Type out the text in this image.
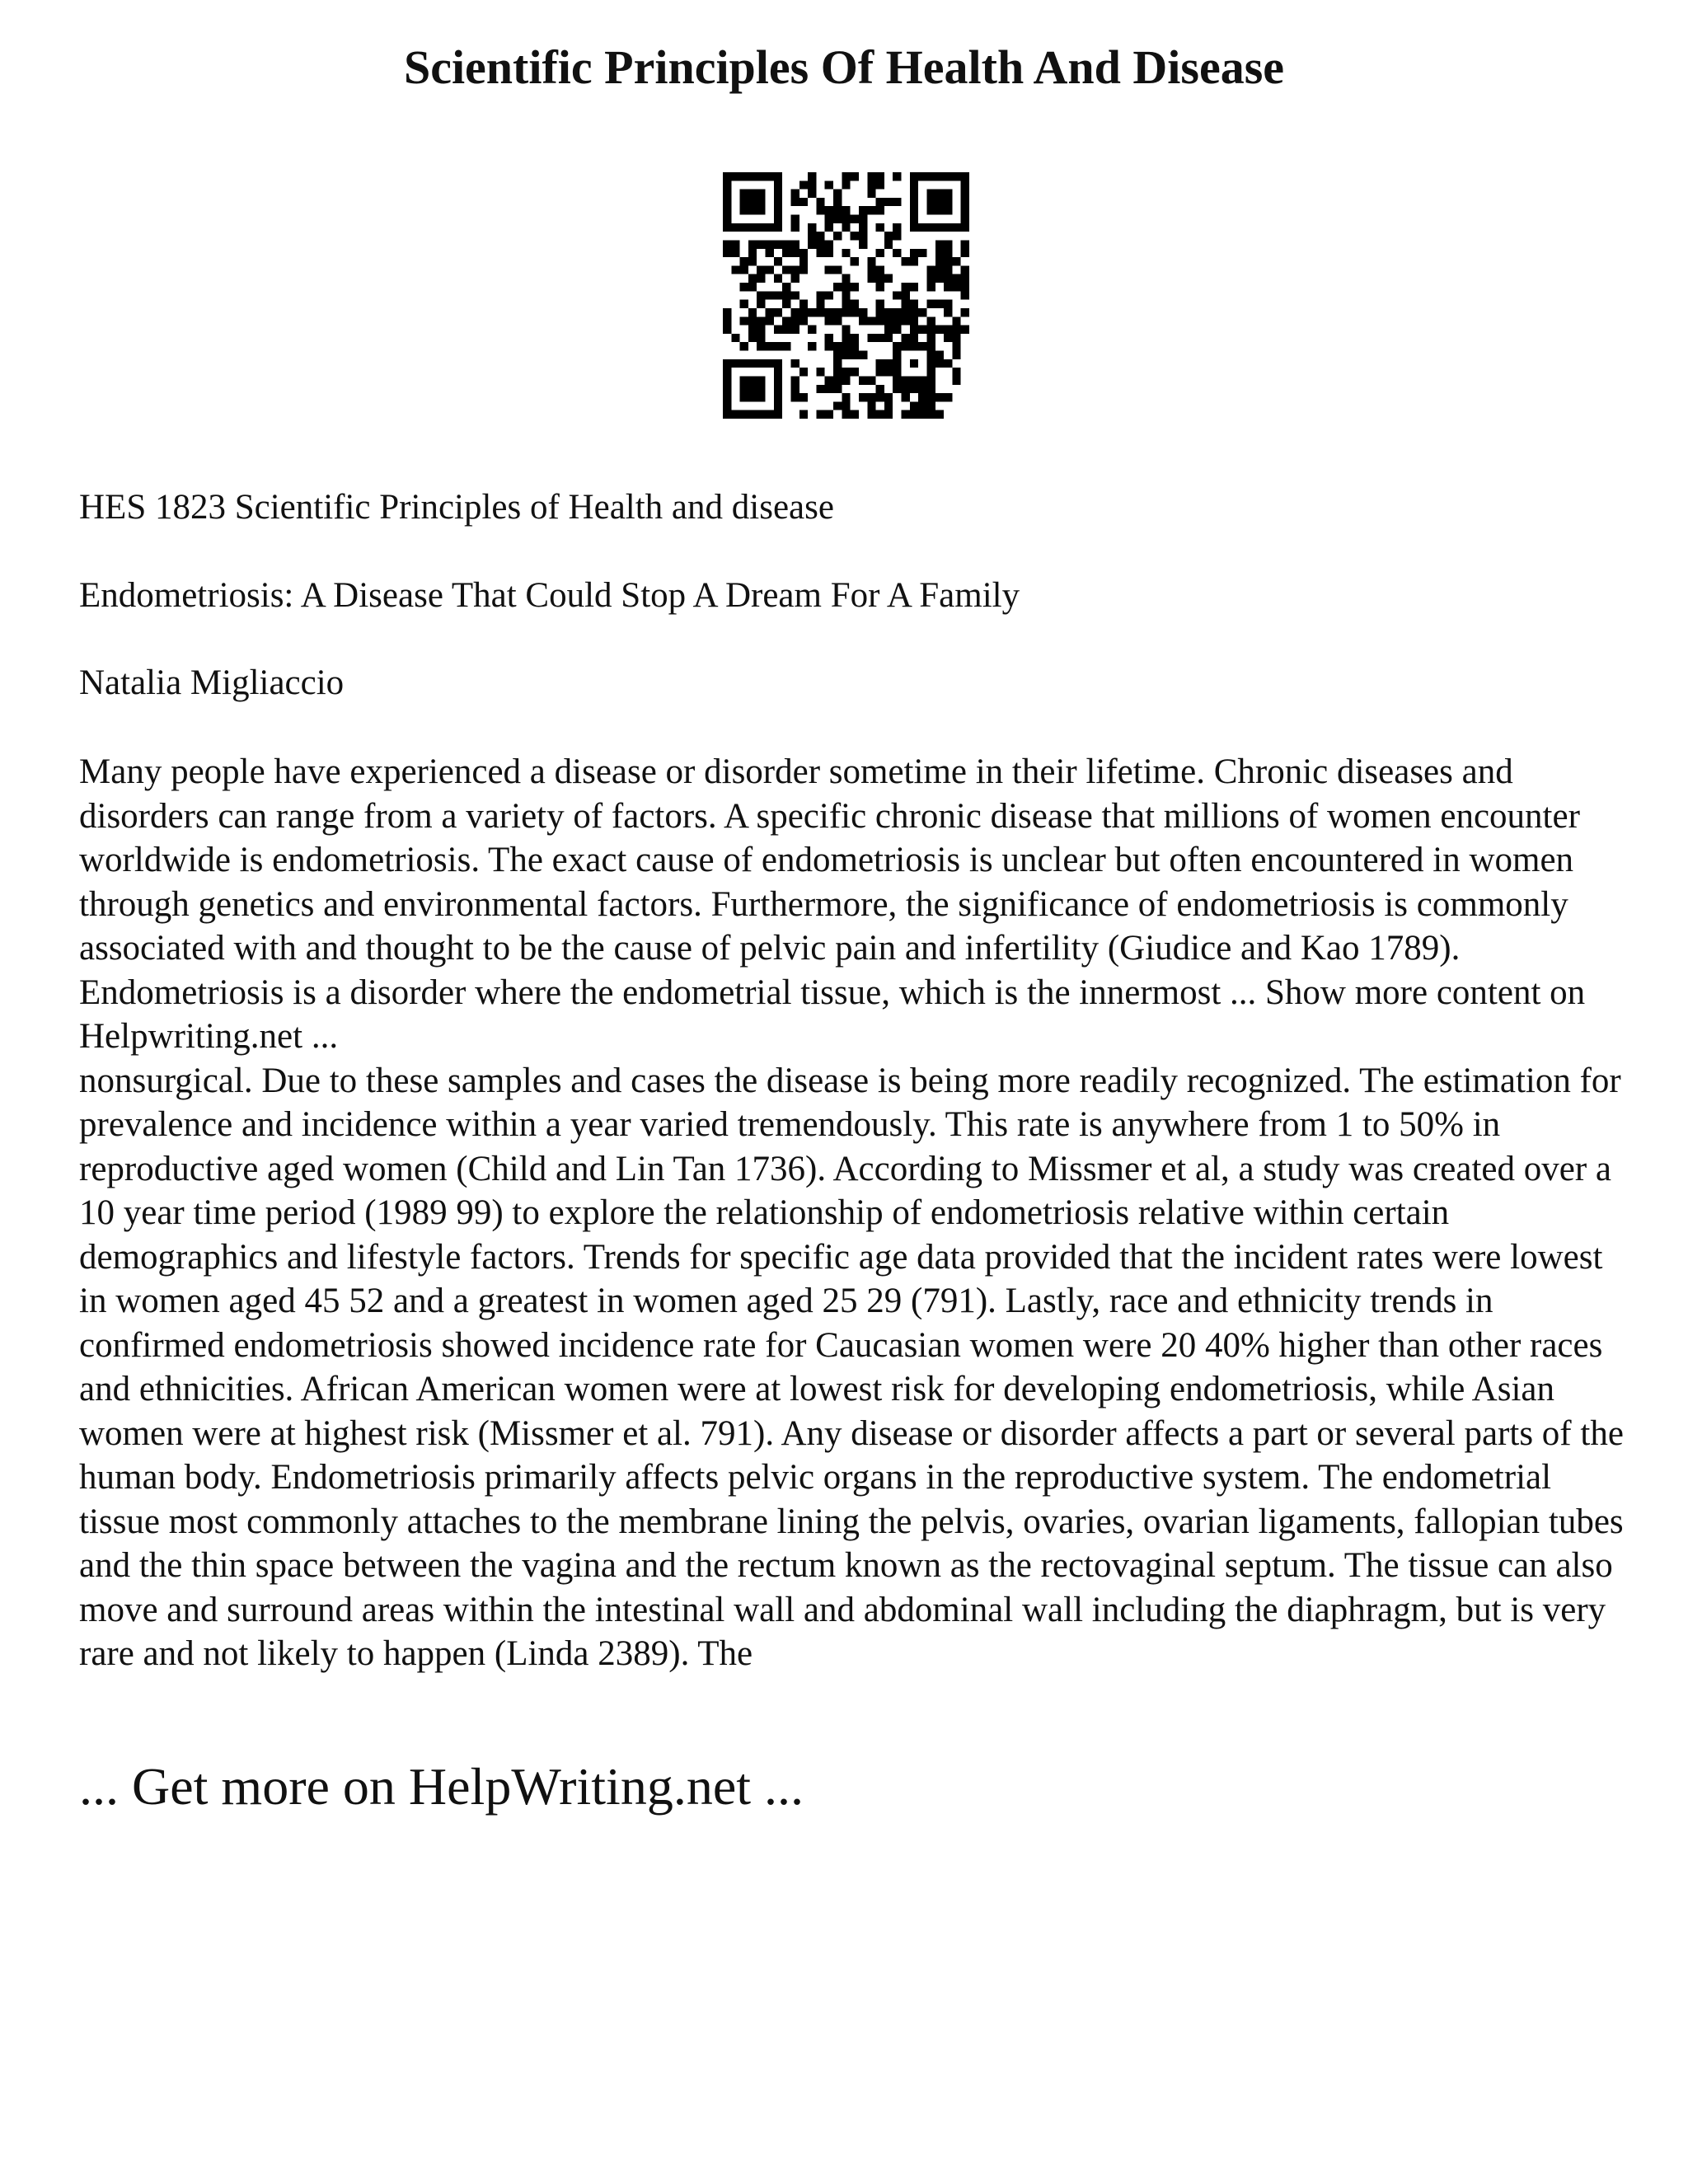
Scientific Principles Of Health And Disease

HES 1823 Scientific Principles of Health and disease

Endometriosis: A Disease That Could Stop A Dream For A Family

Natalia Migliaccio

Many people have experienced a disease or disorder sometime in their lifetime. Chronic diseases and disorders can range from a variety of factors. A specific chronic disease that millions of women encounter worldwide is endometriosis. The exact cause of endometriosis is unclear but often encountered in women through genetics and environmental factors. Furthermore, the significance of endometriosis is commonly associated with and thought to be the cause of pelvic pain and infertility (Giudice and Kao 1789). Endometriosis is a disorder where the endometrial tissue, which is the innermost ... Show more content on Helpwriting.net ...

nonsurgical. Due to these samples and cases the disease is being more readily recognized. The estimation for prevalence and incidence within a year varied tremendously. This rate is anywhere from 1 to 50% in reproductive aged women (Child and Lin Tan 1736). According to Missmer et al, a study was created over a 10 year time period (1989 99) to explore the relationship of endometriosis relative within certain demographics and lifestyle factors. Trends for specific age data provided that the incident rates were lowest in women aged 45 52 and a greatest in women aged 25 29 (791). Lastly, race and ethnicity trends in confirmed endometriosis showed incidence rate for Caucasian women were 20 40% higher than other races and ethnicities. African American women were at lowest risk for developing endometriosis, while Asian women were at highest risk (Missmer et al. 791). Any disease or disorder affects a part or several parts of the human body. Endometriosis primarily affects pelvic organs in the reproductive system. The endometrial tissue most commonly attaches to the membrane lining the pelvis, ovaries, ovarian ligaments, fallopian tubes and the thin space between the vagina and the rectum known as the rectovaginal septum. The tissue can also move and surround areas within the intestinal wall and abdominal wall including the diaphragm, but is very rare and not likely to happen (Linda 2389). The

... Get more on HelpWriting.net ...
